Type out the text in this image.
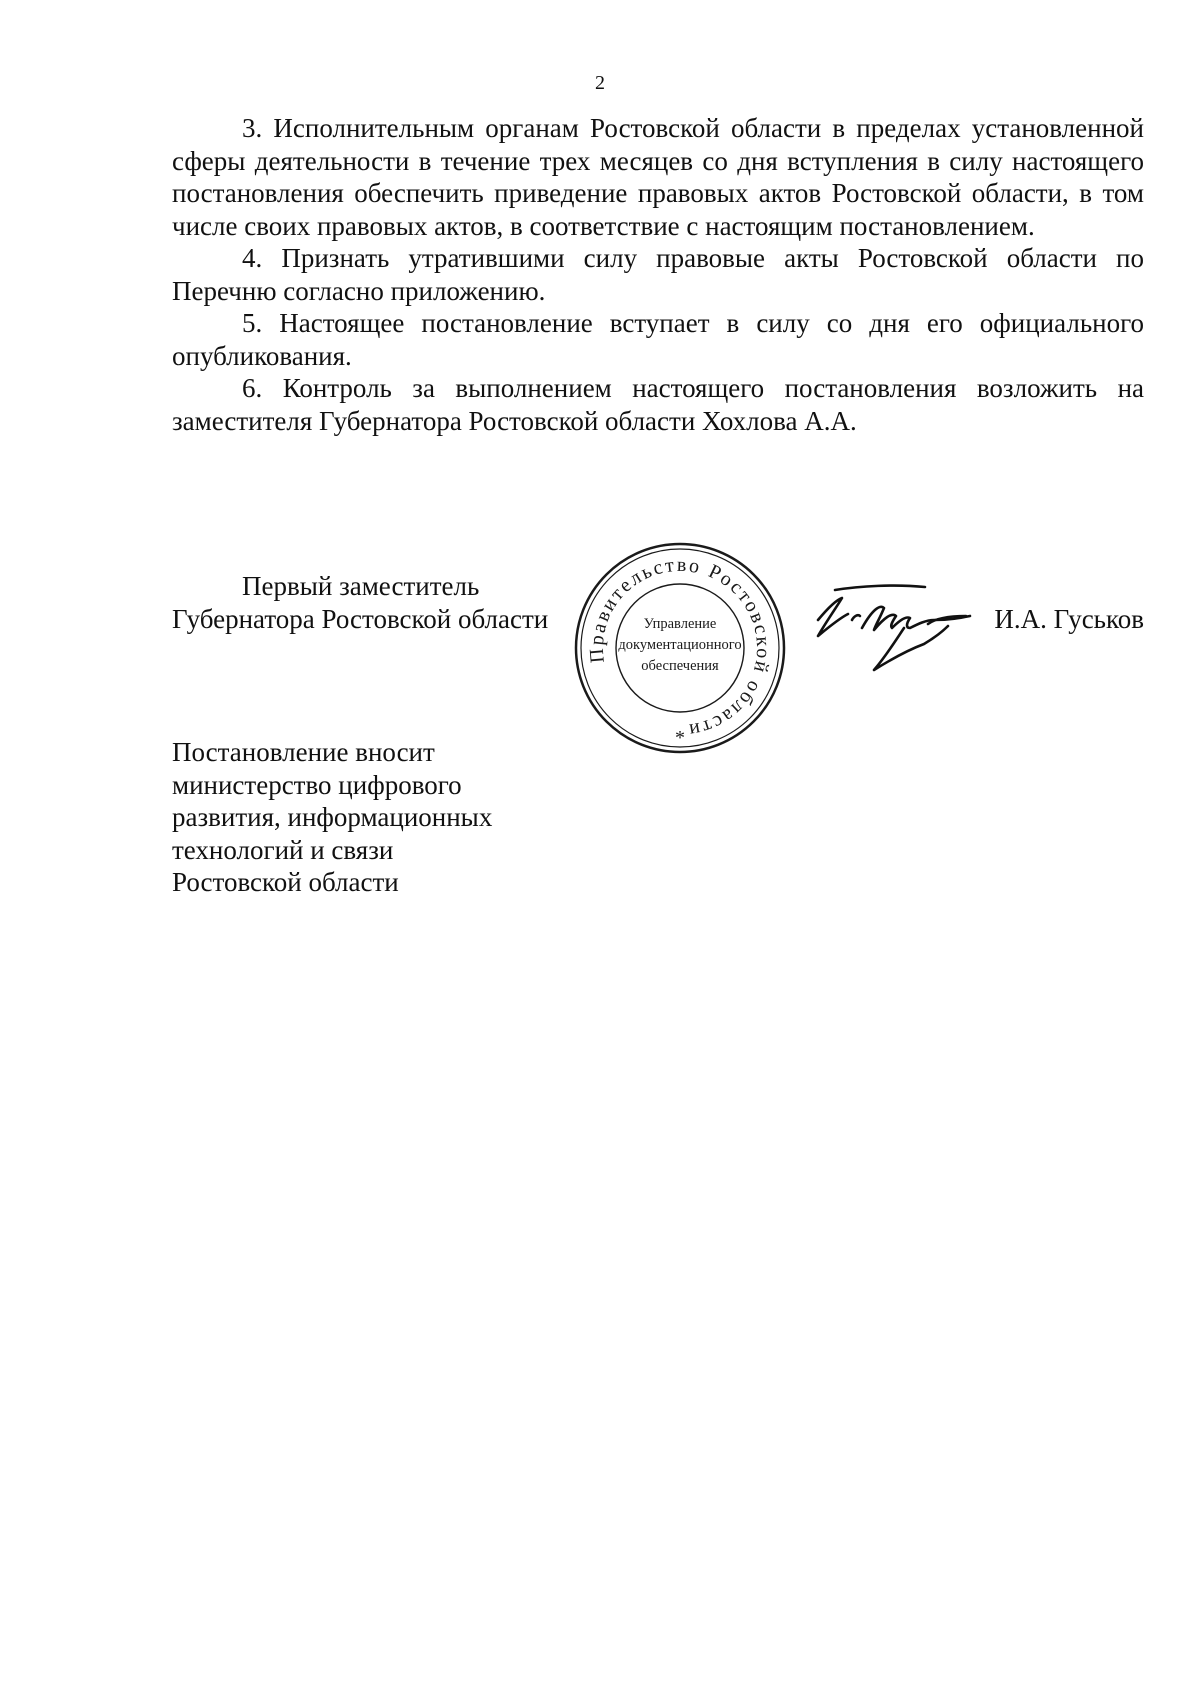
2

3. Исполнительным органам Ростовской области в пределах установленной сферы деятельности в течение трех месяцев со дня вступления в силу настоящего постановления обеспечить приведение правовых актов Ростовской области, в том числе своих правовых актов, в соответствие с настоящим постановлением.

4. Признать утратившими силу правовые акты Ростовской области по Перечню согласно приложению.

5. Настоящее постановление вступает в силу со дня его официального опубликования.

6. Контроль за выполнением настоящего постановления возложить на заместителя Губернатора Ростовской области Хохлова А.А.

Первый заместитель
Губернатора Ростовской области	И.А. Гуськов
Правительство Ростовской области
Управление
документационного
обеспечения
*
Постановление вносит
министерство цифрового
развития, информационных
технологий и связи
Ростовской области
